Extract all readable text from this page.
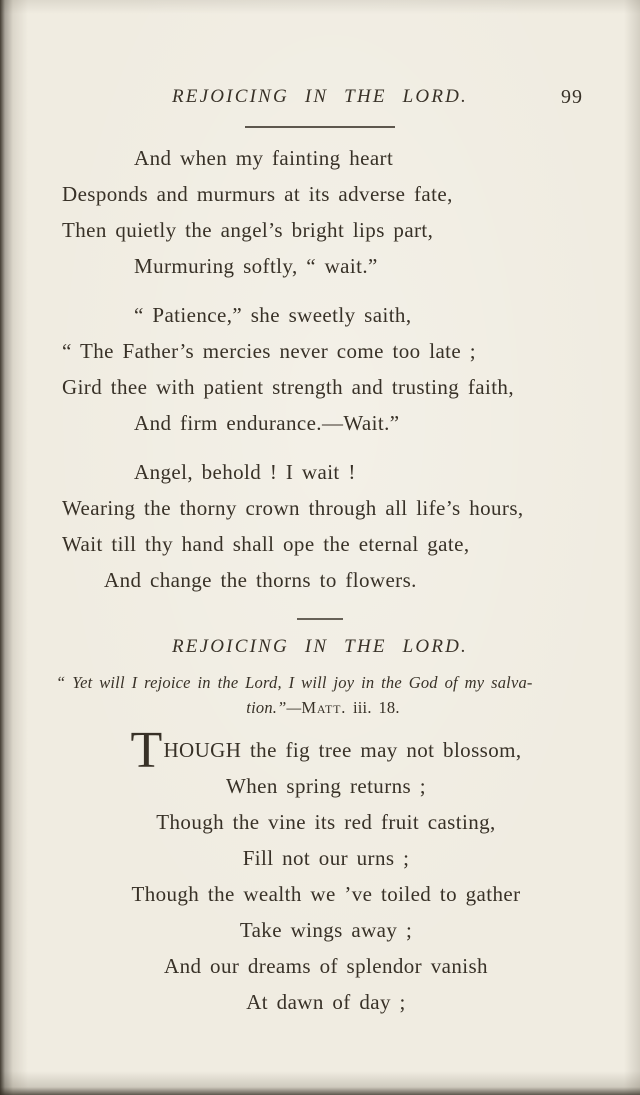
REJOICING IN THE LORD.	99
And when my fainting heart
Desponds and murmurs at its adverse fate,
Then quietly the angel’s bright lips part,
Murmuring softly, “ wait.”
“ Patience,” she sweetly saith,
“ The Father’s mercies never come too late ;
Gird thee with patient strength and trusting faith,
And firm endurance.—Wait.”
Angel, behold ! I wait !
Wearing the thorny crown through all life’s hours,
Wait till thy hand shall ope the eternal gate,
And change the thorns to flowers.
REJOICING IN THE LORD.
“ Yet will I rejoice in the Lord, I will joy in the God of my salva-
tion.”—Matt. iii. 18.
T HOUGH the fig tree may not blossom,
When spring returns ;
Though the vine its red fruit casting,
Fill not our urns ;
Though the wealth we ’ve toiled to gather
Take wings away ;
And our dreams of splendor vanish
At dawn of day ;
